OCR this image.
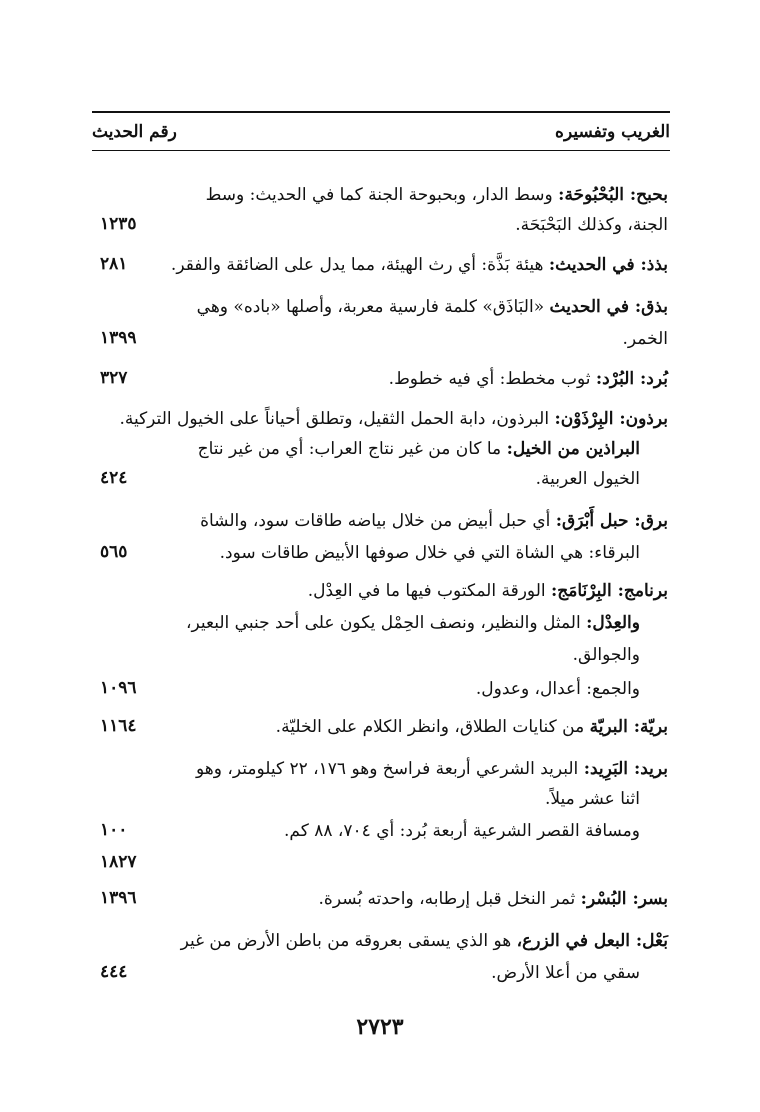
الغريب وتفسيره
رقم الحديث
بحبح: البُحْبُوحَة: وسط الدار، وبحبوحة الجنة كما في الحديث: وسط
الجنة، وكذلك البَحْبَحَة.
بذذ: في الحديث: هيئة بَذَّة: أي رث الهيئة، مما يدل على الضائقة والفقر.
بذق: في الحديث «البَاذَق» كلمة فارسية معربة، وأصلها «باده» وهي
الخمر.
بُرد: البُرْد: ثوب مخطط: أي فيه خطوط.
برذون: البِرْذَوْن: البرذون، دابة الحمل الثقيل، وتطلق أحياناً على الخيول التركية.
البراذين من الخيل: ما كان من غير نتاج العراب: أي من غير نتاج
الخيول العربية.
برق: حبل أَبْرَق: أي حبل أبيض من خلال بياضه طاقات سود، والشاة
البرقاء: هي الشاة التي في خلال صوفها الأبيض طاقات سود.
برنامج: البِرْنَامَج: الورقة المكتوب فيها ما في العِدْل.
والعِدْل: المثل والنظير، ونصف الحِمْل يكون على أحد جنبي البعير،
والجوالق.
والجمع: أعدال، وعدول.
بريّة: البريّة من كنايات الطلاق، وانظر الكلام على الخليّة.
بريد: البَرِيد: البريد الشرعي أربعة فراسخ وهو ١٧٦، ٢٢ كيلومتر، وهو
اثنا عشر ميلاً.
ومسافة القصر الشرعية أربعة بُرد: أي ٧٠٤، ٨٨ كم.
بسر: البُسْر: ثمر النخل قبل إرطابه، واحدته بُسرة.
بَعْل: البعل في الزرع، هو الذي يسقى بعروقه من باطن الأرض من غير
سقي من أعلا الأرض.
١٢٣٥
٢٨١
١٣٩٩
٣٢٧
٤٢٤
٥٦٥
١٠٩٦
١١٦٤
١٠٠
١٨٢٧
١٣٩٦
٤٤٤
٢٧٢٣
